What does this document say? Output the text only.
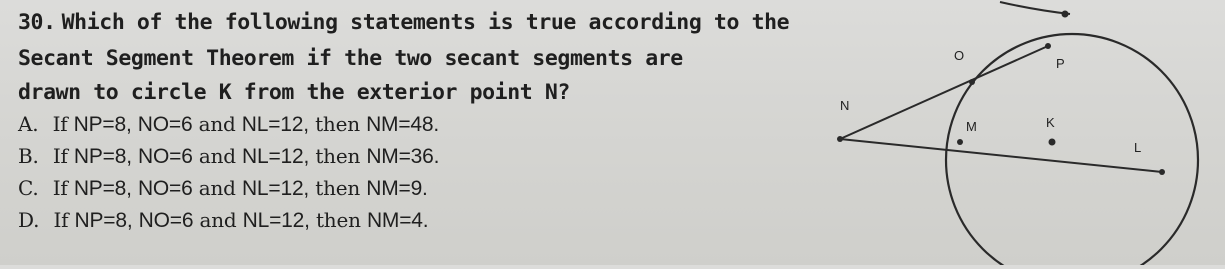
30. Which of the following statements is true according to the
Secant Segment Theorem if the two secant segments are
drawn to circle K from the exterior point N?
A. If NP=8, NO=6 and NL=12, then NM=48.
B. If NP=8, NO=6 and NL=12, then NM=36.
C. If NP=8, NO=6 and NL=12, then NM=9.
D. If NP=8, NO=6 and NL=12, then NM=4.
O
P
N
M	K
L
